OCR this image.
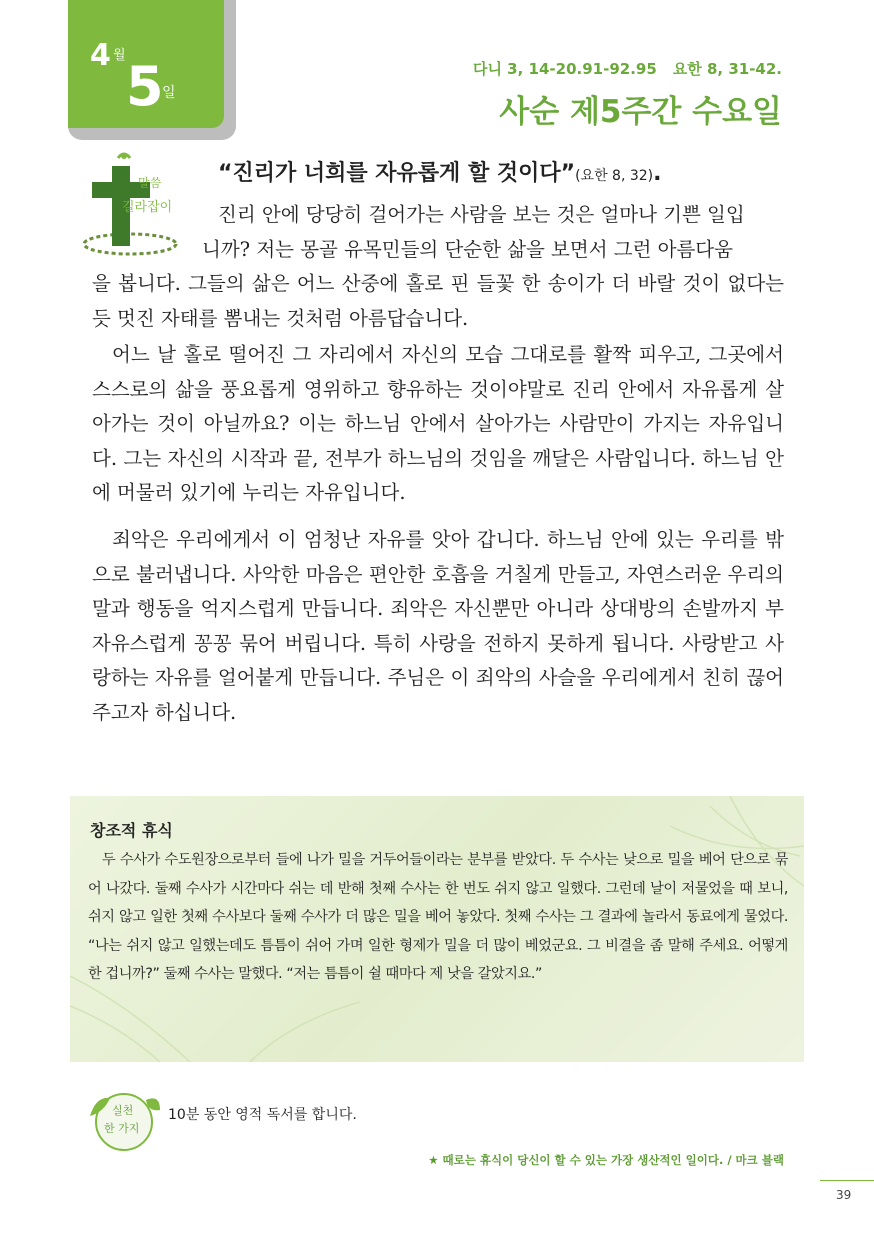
4 월 5
일
다니 3, 14-20.91-92.95 요한 8, 31-42.
사순 제5주간 수요일
말씀
길라잡이
“진리가 너희를 자유롭게 할 것이다”(요한 8, 32).

진리 안에 당당히 걸어가는 사람을 보는 것은 얼마나 기쁜 일입
니까? 저는 몽골 유목민들의 단순한 삶을 보면서 그런 아름다움
을 봅니다. 그들의 삶은 어느 산중에 홀로 핀 들꽃 한 송이가 더 바랄 것이 없다는 듯 멋진 자태를 뽐내는 것처럼 아름답습니다.

어느 날 홀로 떨어진 그 자리에서 자신의 모습 그대로를 활짝 피우고, 그곳에서 스스로의 삶을 풍요롭게 영위하고 향유하는 것이야말로 진리 안에서 자유롭게 살아가는 것이 아닐까요? 이는 하느님 안에서 살아가는 사람만이 가지는 자유입니다. 그는 자신의 시작과 끝, 전부가 하느님의 것임을 깨달은 사람입니다. 하느님 안에 머물러 있기에 누리는 자유입니다.

죄악은 우리에게서 이 엄청난 자유를 앗아 갑니다. 하느님 안에 있는 우리를 밖으로 불러냅니다. 사악한 마음은 편안한 호흡을 거칠게 만들고, 자연스러운 우리의 말과 행동을 억지스럽게 만듭니다. 죄악은 자신뿐만 아니라 상대방의 손발까지 부자유스럽게 꽁꽁 묶어 버립니다. 특히 사랑을 전하지 못하게 됩니다. 사랑받고 사랑하는 자유를 얼어붙게 만듭니다. 주님은 이 죄악의 사슬을 우리에게서 친히 끊어 주고자 하십니다.

창조적 휴식

두 수사가 수도원장으로부터 들에 나가 밀을 거두어들이라는 분부를 받았다. 두 수사는 낮으로 밀을 베어 단으로 묶어 나갔다. 둘째 수사가 시간마다 쉬는 데 반해 첫째 수사는 한 번도 쉬지 않고 일했다. 그런데 날이 저물었을 때 보니, 쉬지 않고 일한 첫째 수사보다 둘째 수사가 더 많은 밀을 베어 놓았다. 첫째 수사는 그 결과에 놀라서 동료에게 물었다. “나는 쉬지 않고 일했는데도 틈틈이 쉬어 가며 일한 형제가 밀을 더 많이 베었군요. 그 비결을 좀 말해 주세요. 어떻게 한 겁니까?” 둘째 수사는 말했다. “저는 틈틈이 쉴 때마다 제 낫을 갈았지요.”

실천
한 가지
10분 동안 영적 독서를 합니다.
★ 때로는 휴식이 당신이 할 수 있는 가장 생산적인 일이다. / 마크 블랙
39
